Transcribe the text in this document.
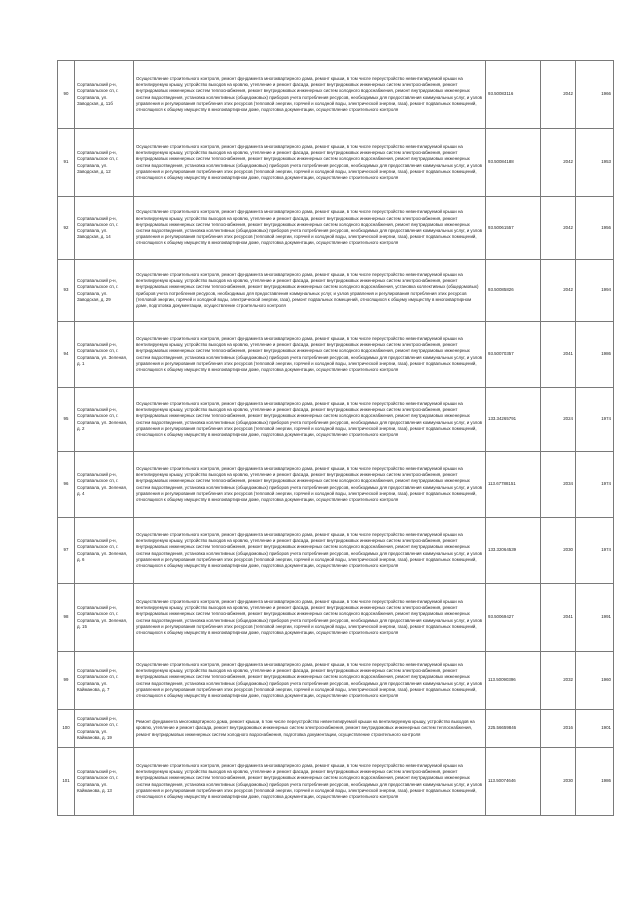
90	Сортавальский р-н, Сортавальское сп, г. Сортавала, ул. Заводская, д. 11б	Осуществление строительного контроля, ремонт фундамента многоквартирного дома, ремонт крыши, в том числе переустройство невентилируемой крыши на вентилируемую крышу, устройство выходов на кровлю, утепление и ремонт фасада, ремонт внутридомовых инженерных систем электроснабжения, ремонт внутридомовых инженерных систем теплоснабжения, ремонт внутридомовых инженерных систем холодного водоснабжения, ремонт внутридомовых инженерных систем водоотведения, установка коллективных (общедомовых) приборов учета потребления ресурсов, необходимых для предоставления коммунальных услуг, и узлов управления и регулирования потребления этих ресурсов (тепловой энергии, горячей и холодной воды, электрической энергии, газа), ремонт подвальных помещений, относящихся к общему имуществу в многоквартирном доме, подготовка документации, осуществление строительного контроля	93.50083116	2042	1966
91	Сортавальский р-н, Сортавальское сп, г. Сортавала, ул. Заводская, д. 12	Осуществление строительного контроля, ремонт фундамента многоквартирного дома, ремонт крыши, в том числе переустройство невентилируемой крыши на вентилируемую крышу, устройство выходов на кровлю, утепление и ремонт фасада, ремонт внутридомовых инженерных систем электроснабжения, ремонт внутридомовых инженерных систем теплоснабжения, ремонт внутридомовых инженерных систем холодного водоснабжения, ремонт внутридомовых инженерных систем водоотведения, установка коллективных (общедомовых) приборов учета потребления ресурсов, необходимых для предоставления коммунальных услуг, и узлов управления и регулирования потребления этих ресурсов (тепловой энергии, горячей и холодной воды, электрической энергии, газа), ремонт подвальных помещений, относящихся к общему имуществу в многоквартирном доме, подготовка документации, осуществление строительного контроля	93.50084188	2042	1953
92	Сортавальский р-н, Сортавальское сп, г. Сортавала, ул. Заводская, д. 14	Осуществление строительного контроля, ремонт фундамента многоквартирного дома, ремонт крыши, в том числе переустройство невентилируемой крыши на вентилируемую крышу, устройство выходов на кровлю, утепление и ремонт фасада, ремонт внутридомовых инженерных систем электроснабжения, ремонт внутридомовых инженерных систем теплоснабжения, ремонт внутридомовых инженерных систем холодного водоснабжения, ремонт внутридомовых инженерных систем водоотведения, установка коллективных (общедомовых) приборов учета потребления ресурсов, необходимых для предоставления коммунальных услуг, и узлов управления и регулирования потребления этих ресурсов (тепловой энергии, горячей и холодной воды, электрической энергии, газа), ремонт подвальных помещений, относящихся к общему имуществу в многоквартирном доме, подготовка документации, осуществление строительного контроля	93.50061557	2042	1956
93	Сортавальский р-н, Сортавальское сп, г. Сортавала, ул. Заводская, д. 29	Осуществление строительного контроля, ремонт фундамента многоквартирного дома, ремонт крыши, в том числе переустройство невентилируемой крыши на вентилируемую крышу, устройство выходов на кровлю, утепление и ремонт фасада, ремонт внутридомовых инженерных систем электроснабжения, ремонт внутридомовых инженерных систем теплоснабжения, ремонт внутридомовых инженерных систем холодного водоснабжения, установка коллективных (общедомовых) приборов учета потребления ресурсов, необходимых для предоставления коммунальных услуг, и узлов управления и регулирования потребления этих ресурсов (тепловой энергии, горячей и холодной воды, электрической энергии, газа), ремонт подвальных помещений, относящихся к общему имуществу в многоквартирном доме, подготовка документации, осуществление строительного контроля	93.50085826	2042	1994
94	Сортавальский р-н, Сортавальское сп, г. Сортавала, ул. Зеленая, д. 1	Осуществление строительного контроля, ремонт фундамента многоквартирного дома, ремонт крыши, в том числе переустройство невентилируемой крыши на вентилируемую крышу, устройство выходов на кровлю, утепление и ремонт фасада, ремонт внутридомовых инженерных систем электроснабжения, ремонт внутридомовых инженерных систем теплоснабжения, ремонт внутридомовых инженерных систем холодного водоснабжения, ремонт внутридомовых инженерных систем водоотведения, установка коллективных (общедомовых) приборов учета потребления ресурсов, необходимых для предоставления коммунальных услуг, и узлов управления и регулирования потребления этих ресурсов (тепловой энергии, горячей и холодной воды, электрической энергии, газа), ремонт подвальных помещений, относящихся к общему имуществу в многоквартирном доме, подготовка документации, осуществление строительного контроля	93.50070357	2041	1986
95	Сортавальский р-н, Сортавальское сп, г. Сортавала, ул. Зеленая, д. 2	Осуществление строительного контроля, ремонт фундамента многоквартирного дома, ремонт крыши, в том числе переустройство невентилируемой крыши на вентилируемую крышу, устройство выходов на кровлю, утепление и ремонт фасада, ремонт внутридомовых инженерных систем электроснабжения, ремонт внутридомовых инженерных систем теплоснабжения, ремонт внутридомовых инженерных систем холодного водоснабжения, ремонт внутридомовых инженерных систем водоотведения, установка коллективных (общедомовых) приборов учета потребления ресурсов, необходимых для предоставления коммунальных услуг, и узлов управления и регулирования потребления этих ресурсов (тепловой энергии, горячей и холодной воды, электрической энергии, газа), ремонт подвальных помещений, относящихся к общему имуществу в многоквартирном доме, подготовка документации, осуществление строительного контроля	133.34265791	2024	1974
96	Сортавальский р-н, Сортавальское сп, г. Сортавала, ул. Зеленая, д. 4	Осуществление строительного контроля, ремонт фундамента многоквартирного дома, ремонт крыши, в том числе переустройство невентилируемой крыши на вентилируемую крышу, устройство выходов на кровлю, утепление и ремонт фасада, ремонт внутридомовых инженерных систем электроснабжения, ремонт внутридомовых инженерных систем теплоснабжения, ремонт внутридомовых инженерных систем холодного водоснабжения, ремонт внутридомовых инженерных систем водоотведения, установка коллективных (общедомовых) приборов учета потребления ресурсов, необходимых для предоставления коммунальных услуг, и узлов управления и регулирования потребления этих ресурсов (тепловой энергии, горячей и холодной воды, электрической энергии, газа), ремонт подвальных помещений, относящихся к общему имуществу в многоквартирном доме, подготовка документации, осуществление строительного контроля	113.67788151	2034	1974
97	Сортавальский р-н, Сортавальское сп, г. Сортавала, ул. Зеленая, д. 6	Осуществление строительного контроля, ремонт фундамента многоквартирного дома, ремонт крыши, в том числе переустройство невентилируемой крыши на вентилируемую крышу, устройство выходов на кровлю, утепление и ремонт фасада, ремонт внутридомовых инженерных систем электроснабжения, ремонт внутридомовых инженерных систем теплоснабжения, ремонт внутридомовых инженерных систем холодного водоснабжения, ремонт внутридомовых инженерных систем водоотведения, установка коллективных (общедомовых) приборов учета потребления ресурсов, необходимых для предоставления коммунальных услуг, и узлов управления и регулирования потребления этих ресурсов (тепловой энергии, горячей и холодной воды, электрической энергии, газа), ремонт подвальных помещений, относящихся к общему имуществу в многоквартирном доме, подготовка документации, осуществление строительного контроля	133.32064539	2030	1974
98	Сортавальский р-н, Сортавальское сп, г. Сортавала, ул. Зеленая, д. 15	Осуществление строительного контроля, ремонт фундамента многоквартирного дома, ремонт крыши, в том числе переустройство невентилируемой крыши на вентилируемую крышу, устройство выходов на кровлю, утепление и ремонт фасада, ремонт внутридомовых инженерных систем электроснабжения, ремонт внутридомовых инженерных систем теплоснабжения, ремонт внутридомовых инженерных систем холодного водоснабжения, ремонт внутридомовых инженерных систем водоотведения, установка коллективных (общедомовых) приборов учета потребления ресурсов, необходимых для предоставления коммунальных услуг, и узлов управления и регулирования потребления этих ресурсов (тепловой энергии, горячей и холодной воды, электрической энергии, газа), ремонт подвальных помещений, относящихся к общему имуществу в многоквартирном доме, подготовка документации, осуществление строительного контроля	93.50069427	2041	1991
99	Сортавальский р-н, Сортавальское сп, г. Сортавала, ул. Каймановa, д. 7	Осуществление строительного контроля, ремонт фундамента многоквартирного дома, ремонт крыши, в том числе переустройство невентилируемой крыши на вентилируемую крышу, устройство выходов на кровлю, утепление и ремонт фасада, ремонт внутридомовых инженерных систем электроснабжения, ремонт внутридомовых инженерных систем теплоснабжения, ремонт внутридомовых инженерных систем холодного водоснабжения, ремонт внутридомовых инженерных систем водоотведения, установка коллективных (общедомовых) приборов учета потребления ресурсов, необходимых для предоставления коммунальных услуг, и узлов управления и регулирования потребления этих ресурсов (тепловой энергии, горячей и холодной воды, электрической энергии, газа), ремонт подвальных помещений, относящихся к общему имуществу в многоквартирном доме, подготовка документации, осуществление строительного контроля	113.50090396	2032	1960
100	Сортавальский р-н, Сортавальское сп, г. Сортавала, ул. Кайманова, д. 19	Ремонт фундамента многоквартирного дома, ремонт крыши, в том числе переустройство невентилируемой крыши на вентилируемую крышу, устройство выходов на кровлю, утепление и ремонт фасада, ремонт внутридомовых инженерных систем электроснабжения, ремонт внутридомовых инженерных систем теплоснабжения, ремонт внутридомовых инженерных систем холодного водоснабжения, подготовка документации, осуществление строительного контроля	225.56659846	2016	1901
101	Сортавальский р-н, Сортавальское сп, г. Сортавала, ул. Кайманова, д. 13	Осуществление строительного контроля, ремонт фундамента многоквартирного дома, ремонт крыши, в том числе переустройство невентилируемой крыши на вентилируемую крышу, устройство выходов на кровлю, утепление и ремонт фасада, ремонт внутридомовых инженерных систем электроснабжения, ремонт внутридомовых инженерных систем теплоснабжения, ремонт внутридомовых инженерных систем холодного водоснабжения, ремонт внутридомовых инженерных систем водоотведения, установка коллективных (общедомовых) приборов учета потребления ресурсов, необходимых для предоставления коммунальных услуг, и узлов управления и регулирования потребления этих ресурсов (тепловой энергии, горячей и холодной воды, электрической энергии, газа), ремонт подвальных помещений, относящихся к общему имуществу в многоквартирном доме, подготовка документации, осуществление строительного контроля	113.50074646	2030	1986
